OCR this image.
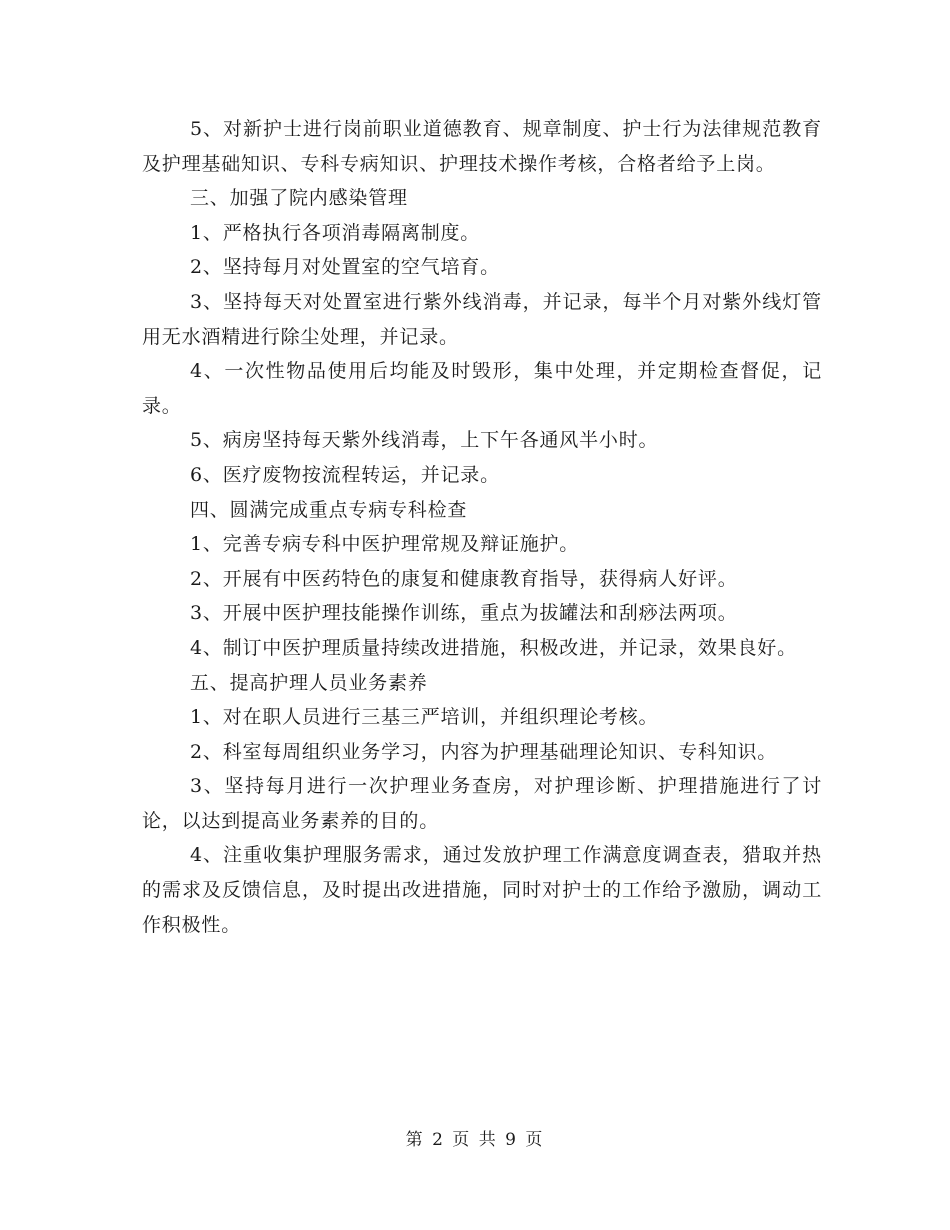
5、对新护士进行岗前职业道德教育、规章制度、护士行为法律规范教育及护理基础知识、专科专病知识、护理技术操作考核，合格者给予上岗。

三、加强了院内感染管理

1、严格执行各项消毒隔离制度。

2、坚持每月对处置室的空气培育。

3、坚持每天对处置室进行紫外线消毒，并记录，每半个月对紫外线灯管用无水酒精进行除尘处理，并记录。

4、一次性物品使用后均能及时毁形，集中处理，并定期检查督促，记录。

5、病房坚持每天紫外线消毒，上下午各通风半小时。

6、医疗废物按流程转运，并记录。

四、圆满完成重点专病专科检查

1、完善专病专科中医护理常规及辩证施护。

2、开展有中医药特色的康复和健康教育指导，获得病人好评。

3、开展中医护理技能操作训练，重点为拔罐法和刮痧法两项。

4、制订中医护理质量持续改进措施，积极改进，并记录，效果良好。

五、提高护理人员业务素养

1、对在职人员进行三基三严培训，并组织理论考核。

2、科室每周组织业务学习，内容为护理基础理论知识、专科知识。

3、坚持每月进行一次护理业务查房，对护理诊断、护理措施进行了讨论，以达到提高业务素养的目的。

4、注重收集护理服务需求，通过发放护理工作满意度调查表，猎取并热的需求及反馈信息，及时提出改进措施，同时对护士的工作给予激励，调动工作积极性。

第 2 页 共 9 页
